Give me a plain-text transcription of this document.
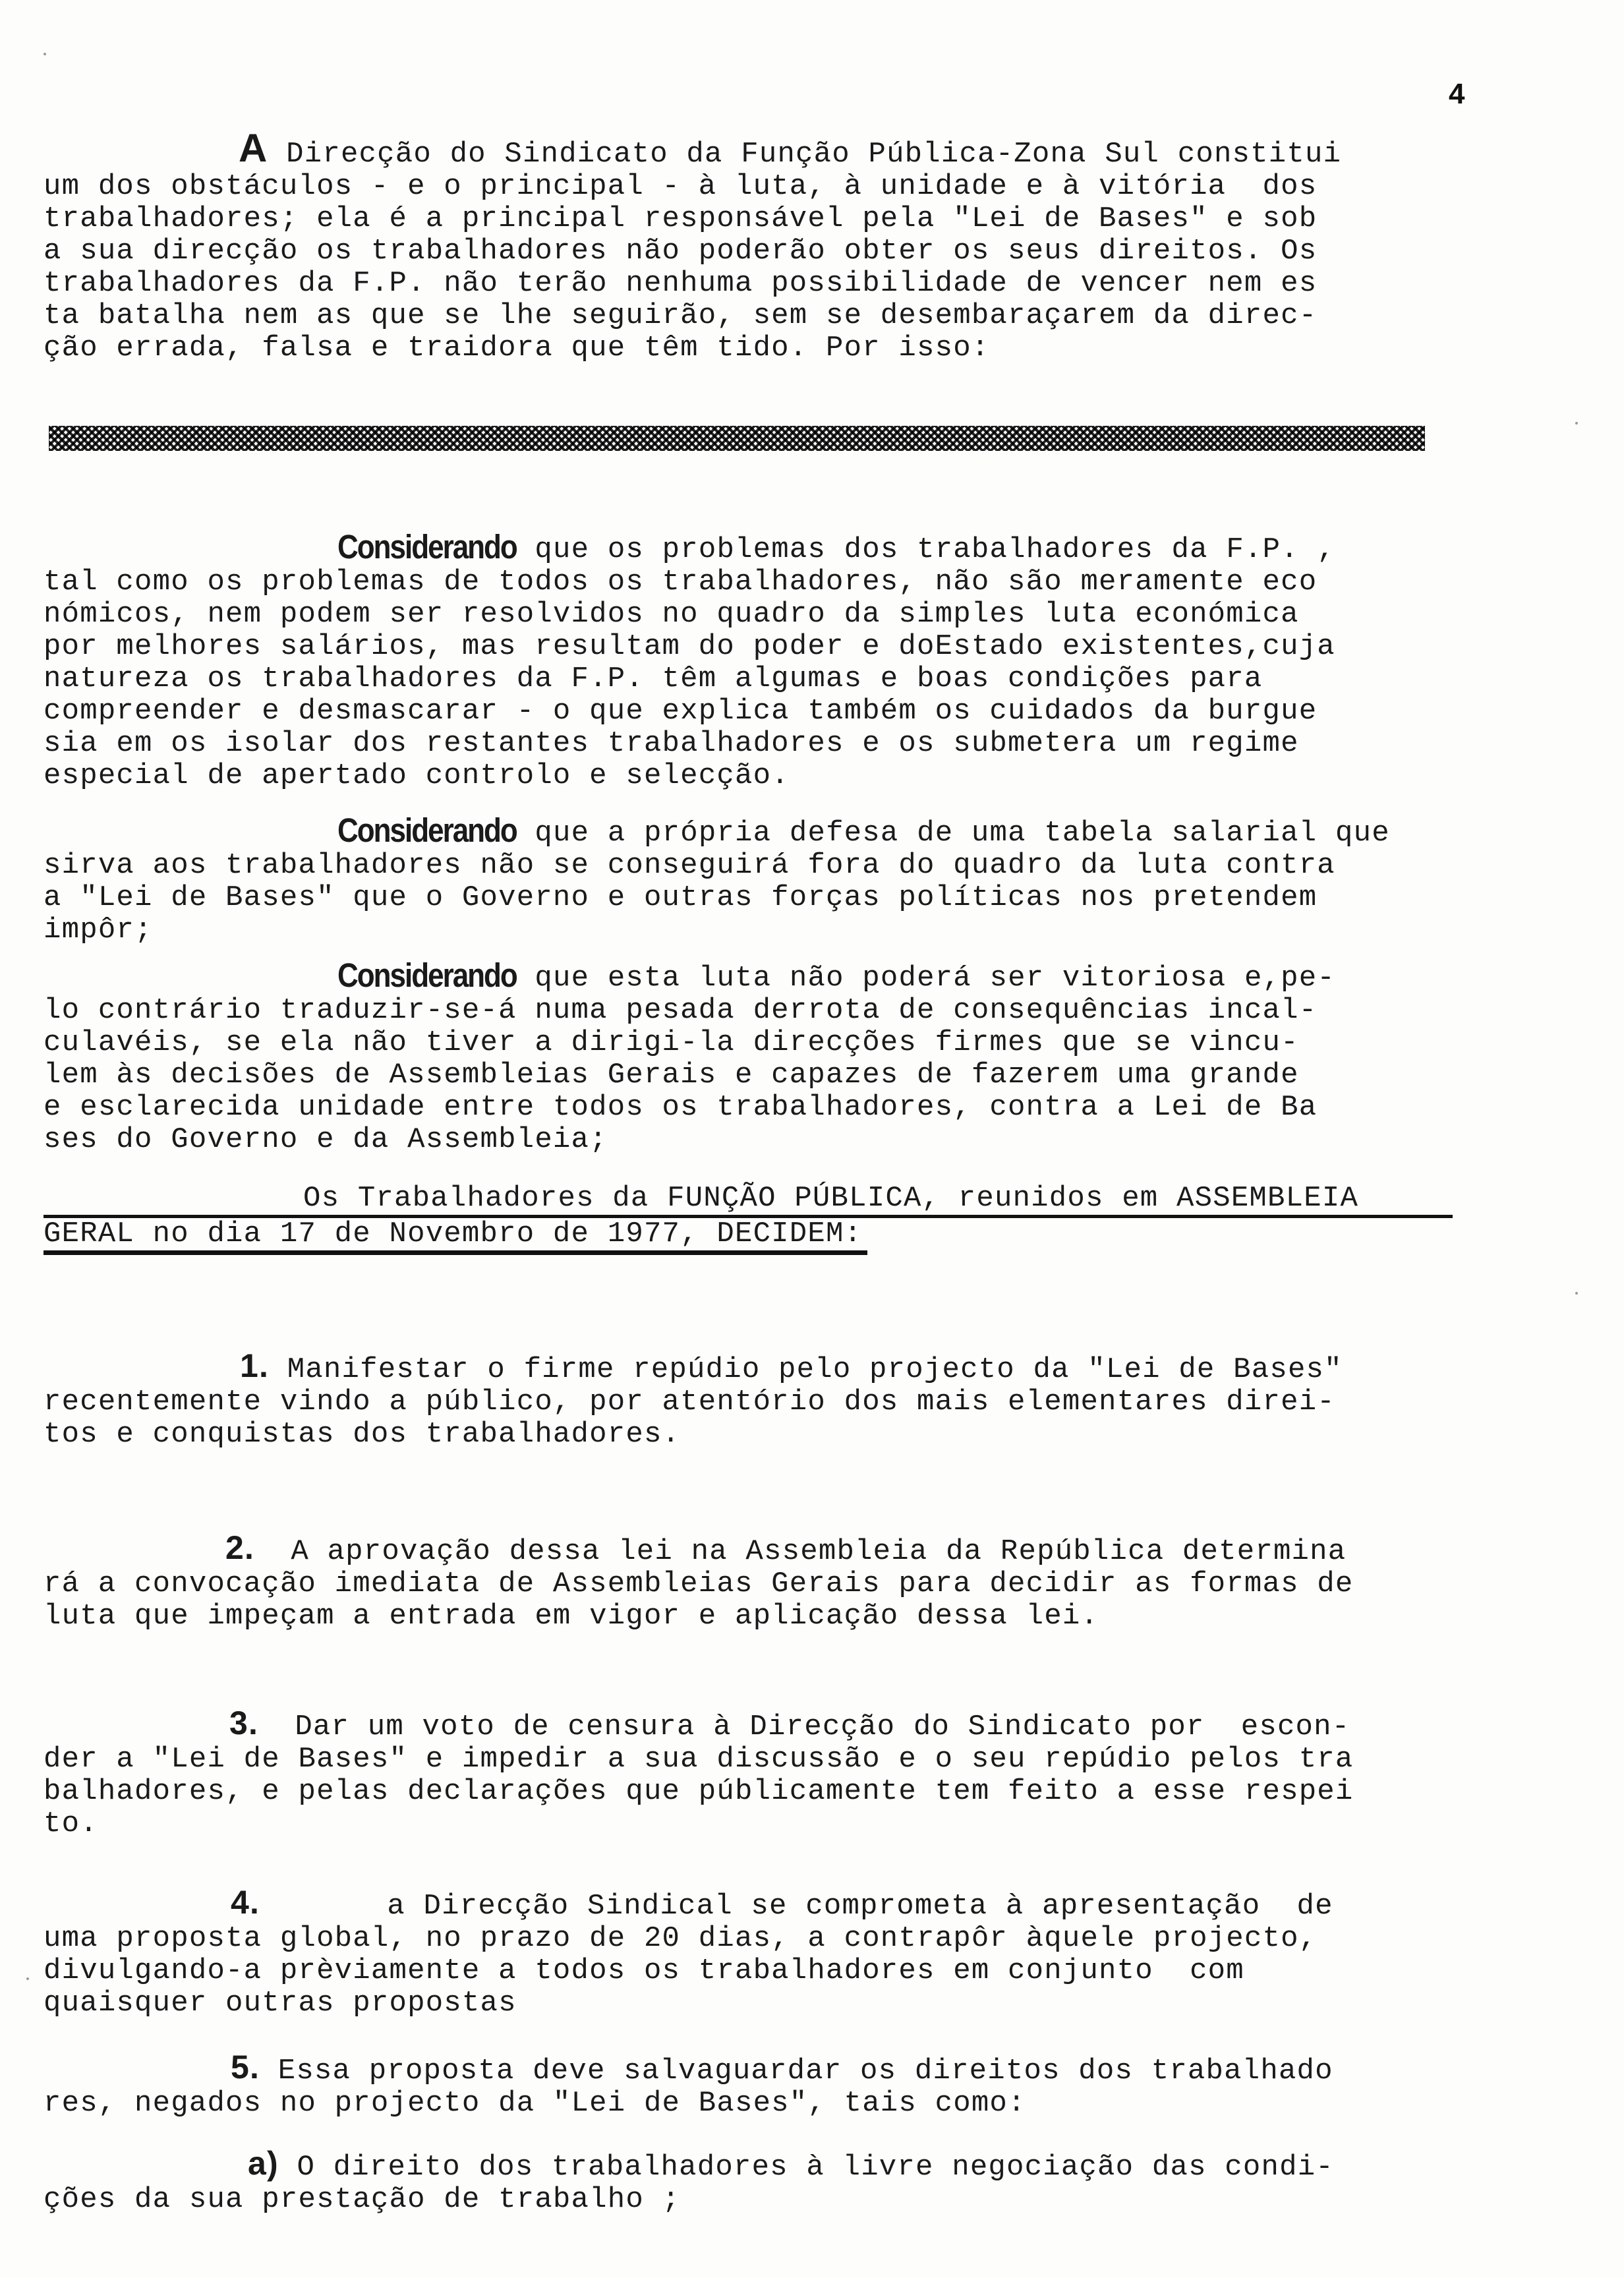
4
A Direcção do Sindicato da Função Pública-Zona Sul constitui
um dos obstáculos - e o principal - à luta, à unidade e à vitória  dos
trabalhadores; ela é a principal responsável pela "Lei de Bases" e sob
a sua direcção os trabalhadores não poderão obter os seus direitos. Os
trabalhadores da F.P. não terão nenhuma possibilidade de vencer nem es
ta batalha nem as que se lhe seguirão, sem se desembaraçarem da direc-
ção errada, falsa e traidora que têm tido. Por isso:
Considerando que os problemas dos trabalhadores da F.P. ,
tal como os problemas de todos os trabalhadores, não são meramente eco
nómicos, nem podem ser resolvidos no quadro da simples luta económica
por melhores salários, mas resultam do poder e doEstado existentes,cuja
natureza os trabalhadores da F.P. têm algumas e boas condições para
compreender e desmascarar - o que explica também os cuidados da burgue
sia em os isolar dos restantes trabalhadores e os submetera um regime
especial de apertado controlo e selecção.
Considerando que a própria defesa de uma tabela salarial que
sirva aos trabalhadores não se conseguirá fora do quadro da luta contra
a "Lei de Bases" que o Governo e outras forças políticas nos pretendem
impôr;
Considerando que esta luta não poderá ser vitoriosa e,pe-
lo contrário traduzir-se-á numa pesada derrota de consequências incal-
culavéis, se ela não tiver a dirigi-la direcções firmes que se vincu-
lem às decisões de Assembleias Gerais e capazes de fazerem uma grande
e esclarecida unidade entre todos os trabalhadores, contra a Lei de Ba
ses do Governo e da Assembleia;
Os Trabalhadores da FUNÇÃO PÚBLICA, reunidos em ASSEMBLEIA
GERAL no dia 17 de Novembro de 1977, DECIDEM:
1. Manifestar o firme repúdio pelo projecto da "Lei de Bases"
recentemente vindo a público, por atentório dos mais elementares direi-
tos e conquistas dos trabalhadores.
2.  A aprovação dessa lei na Assembleia da República determina
rá a convocação imediata de Assembleias Gerais para decidir as formas de
luta que impeçam a entrada em vigor e aplicação dessa lei.
3.  Dar um voto de censura à Direcção do Sindicato por  escon-
der a "Lei de Bases" e impedir a sua discussão e o seu repúdio pelos tra
balhadores, e pelas declarações que públicamente tem feito a esse respei
to.
4.	a Direcção Sindical se comprometa à apresentação  de
uma proposta global, no prazo de 20 dias, a contrapôr àquele projecto,
divulgando-a prèviamente a todos os trabalhadores em conjunto  com
quaisquer outras propostas
5. Essa proposta deve salvaguardar os direitos dos trabalhado
res, negados no projecto da "Lei de Bases", tais como:
a) O direito dos trabalhadores à livre negociação das condi-
ções da sua prestação de trabalho ;
